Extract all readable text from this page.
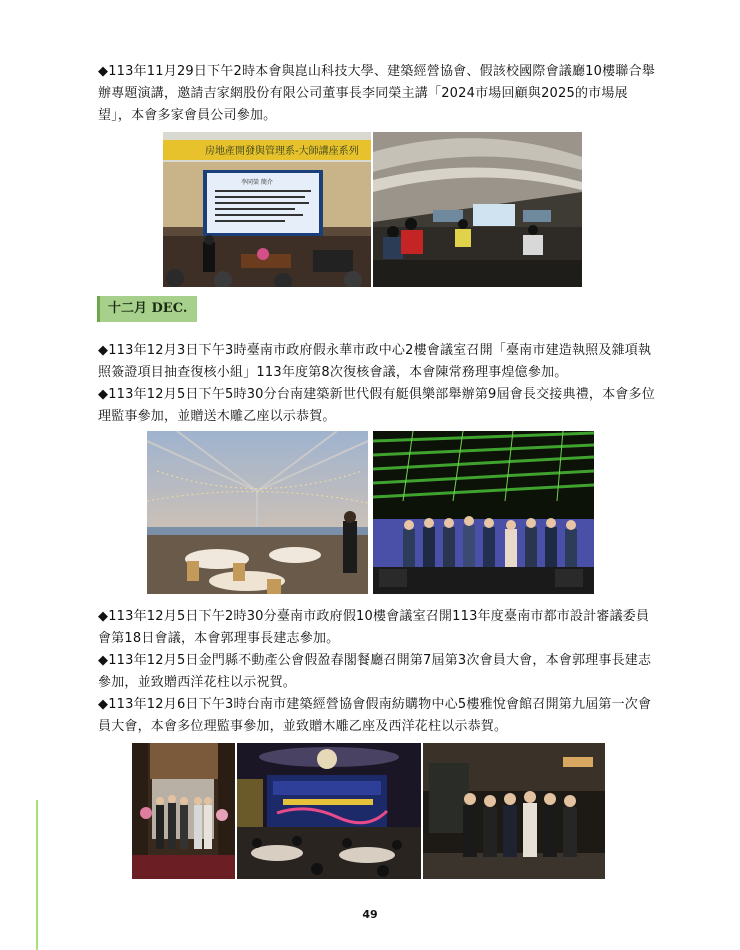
◆113年11月29日下午2時本會與崑山科技大學、建築經營協會、假該校國際會議廳10樓聯合舉辦專題演講，邀請吉家網股份有限公司董事長李同榮主講「2024市場回顧與2025的市場展望」，本會多家會員公司參加。

房地產開發與管理系-大師講座系列
李同榮 簡介
十二月 DEC.

◆113年12月3日下午3時臺南市政府假永華市政中心2樓會議室召開「臺南市建造執照及雜項執照簽證項目抽查復核小組」113年度第8次復核會議，本會陳常務理事煌億參加。

◆113年12月5日下午5時30分台南建築新世代假有艇俱樂部舉辦第9屆會長交接典禮，本會多位理監事參加，並贈送木雕乙座以示恭賀。

◆113年12月5日下午2時30分臺南市政府假10樓會議室召開113年度臺南市都市設計審議委員會第18日會議，本會郭理事長建志參加。

◆113年12月5日金門縣不動產公會假盈春閣餐廳召開第7屆第3次會員大會，本會郭理事長建志參加，並致贈西洋花柱以示祝賀。

◆113年12月6日下午3時台南市建築經營協會假南紡購物中心5樓雅悅會館召開第九屆第一次會員大會，本會多位理監事參加，並致贈木雕乙座及西洋花柱以示恭賀。

49
